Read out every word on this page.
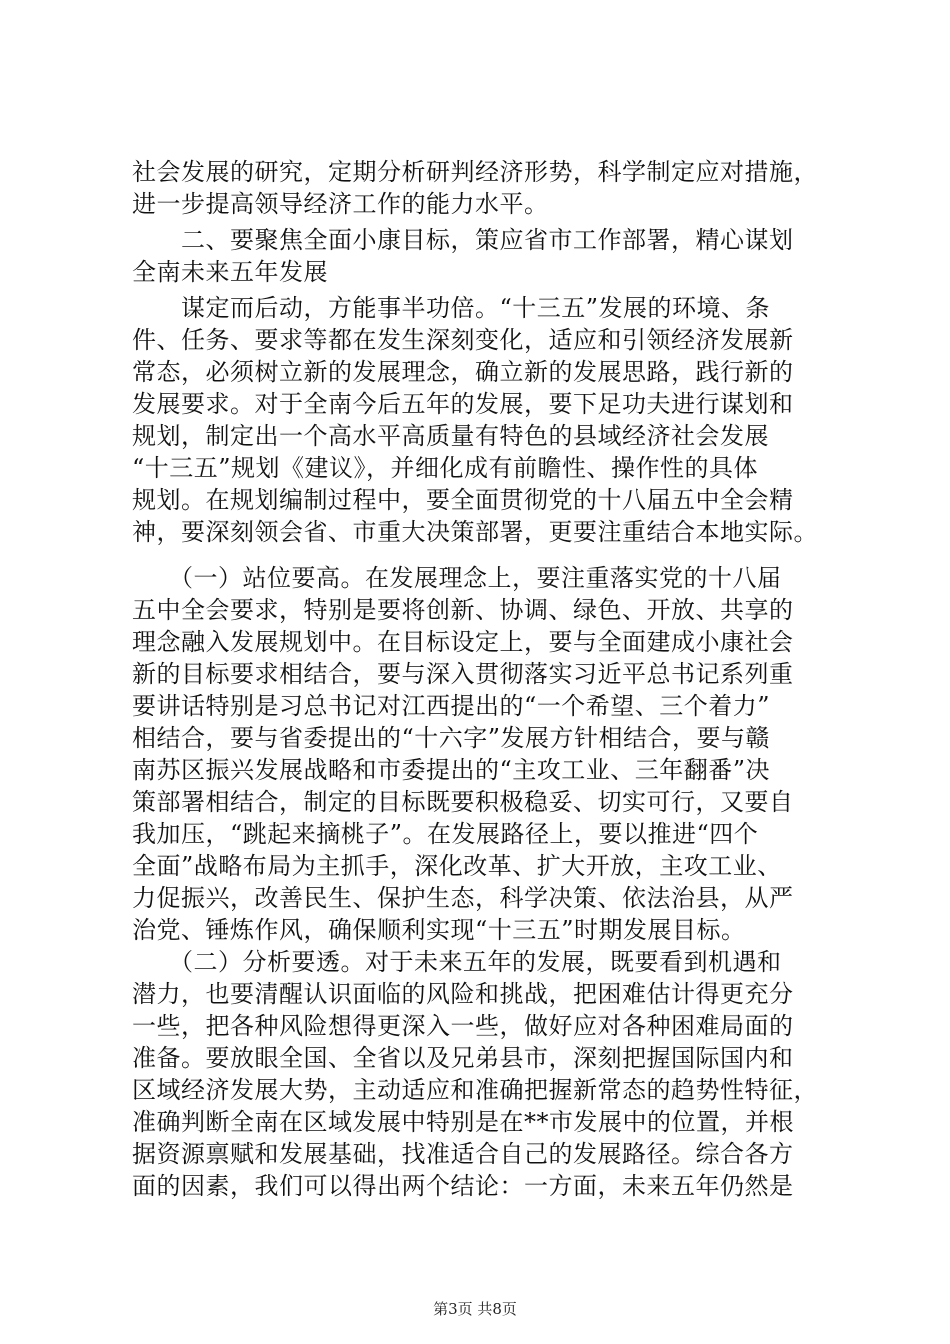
社会发展的研究，定期分析研判经济形势，科学制定应对措施，
进一步提高领导经济工作的能力水平。
　　二、要聚焦全面小康目标，策应省市工作部署，精心谋划
全南未来五年发展
　　谋定而后动，方能事半功倍。“十三五”发展的环境、条
件、任务、要求等都在发生深刻变化，适应和引领经济发展新
常态，必须树立新的发展理念，确立新的发展思路，践行新的
发展要求。对于全南今后五年的发展，要下足功夫进行谋划和
规划，制定出一个高水平高质量有特色的县域经济社会发展
“十三五”规划《建议》，并细化成有前瞻性、操作性的具体
规划。在规划编制过程中，要全面贯彻党的十八届五中全会精
神，要深刻领会省、市重大决策部署，更要注重结合本地实际。
　　（一）站位要高。在发展理念上，要注重落实党的十八届
五中全会要求，特别是要将创新、协调、绿色、开放、共享的
理念融入发展规划中。在目标设定上，要与全面建成小康社会
新的目标要求相结合，要与深入贯彻落实习近平总书记系列重
要讲话特别是习总书记对江西提出的“一个希望、三个着力”
相结合，要与省委提出的“十六字”发展方针相结合，要与赣
南苏区振兴发展战略和市委提出的“主攻工业、三年翻番”决
策部署相结合，制定的目标既要积极稳妥、切实可行，又要自
我加压，“跳起来摘桃子”。在发展路径上，要以推进“四个
全面”战略布局为主抓手，深化改革、扩大开放，主攻工业、
力促振兴，改善民生、保护生态，科学决策、依法治县，从严
治党、锤炼作风，确保顺利实现“十三五”时期发展目标。
　　（二）分析要透。对于未来五年的发展，既要看到机遇和
潜力，也要清醒认识面临的风险和挑战，把困难估计得更充分
一些，把各种风险想得更深入一些，做好应对各种困难局面的
准备。要放眼全国、全省以及兄弟县市，深刻把握国际国内和
区域经济发展大势，主动适应和准确把握新常态的趋势性特征，
准确判断全南在区域发展中特别是在**市发展中的位置，并根
据资源禀赋和发展基础，找准适合自己的发展路径。综合各方
面的因素，我们可以得出两个结论：一方面，未来五年仍然是
第3页 共8页
